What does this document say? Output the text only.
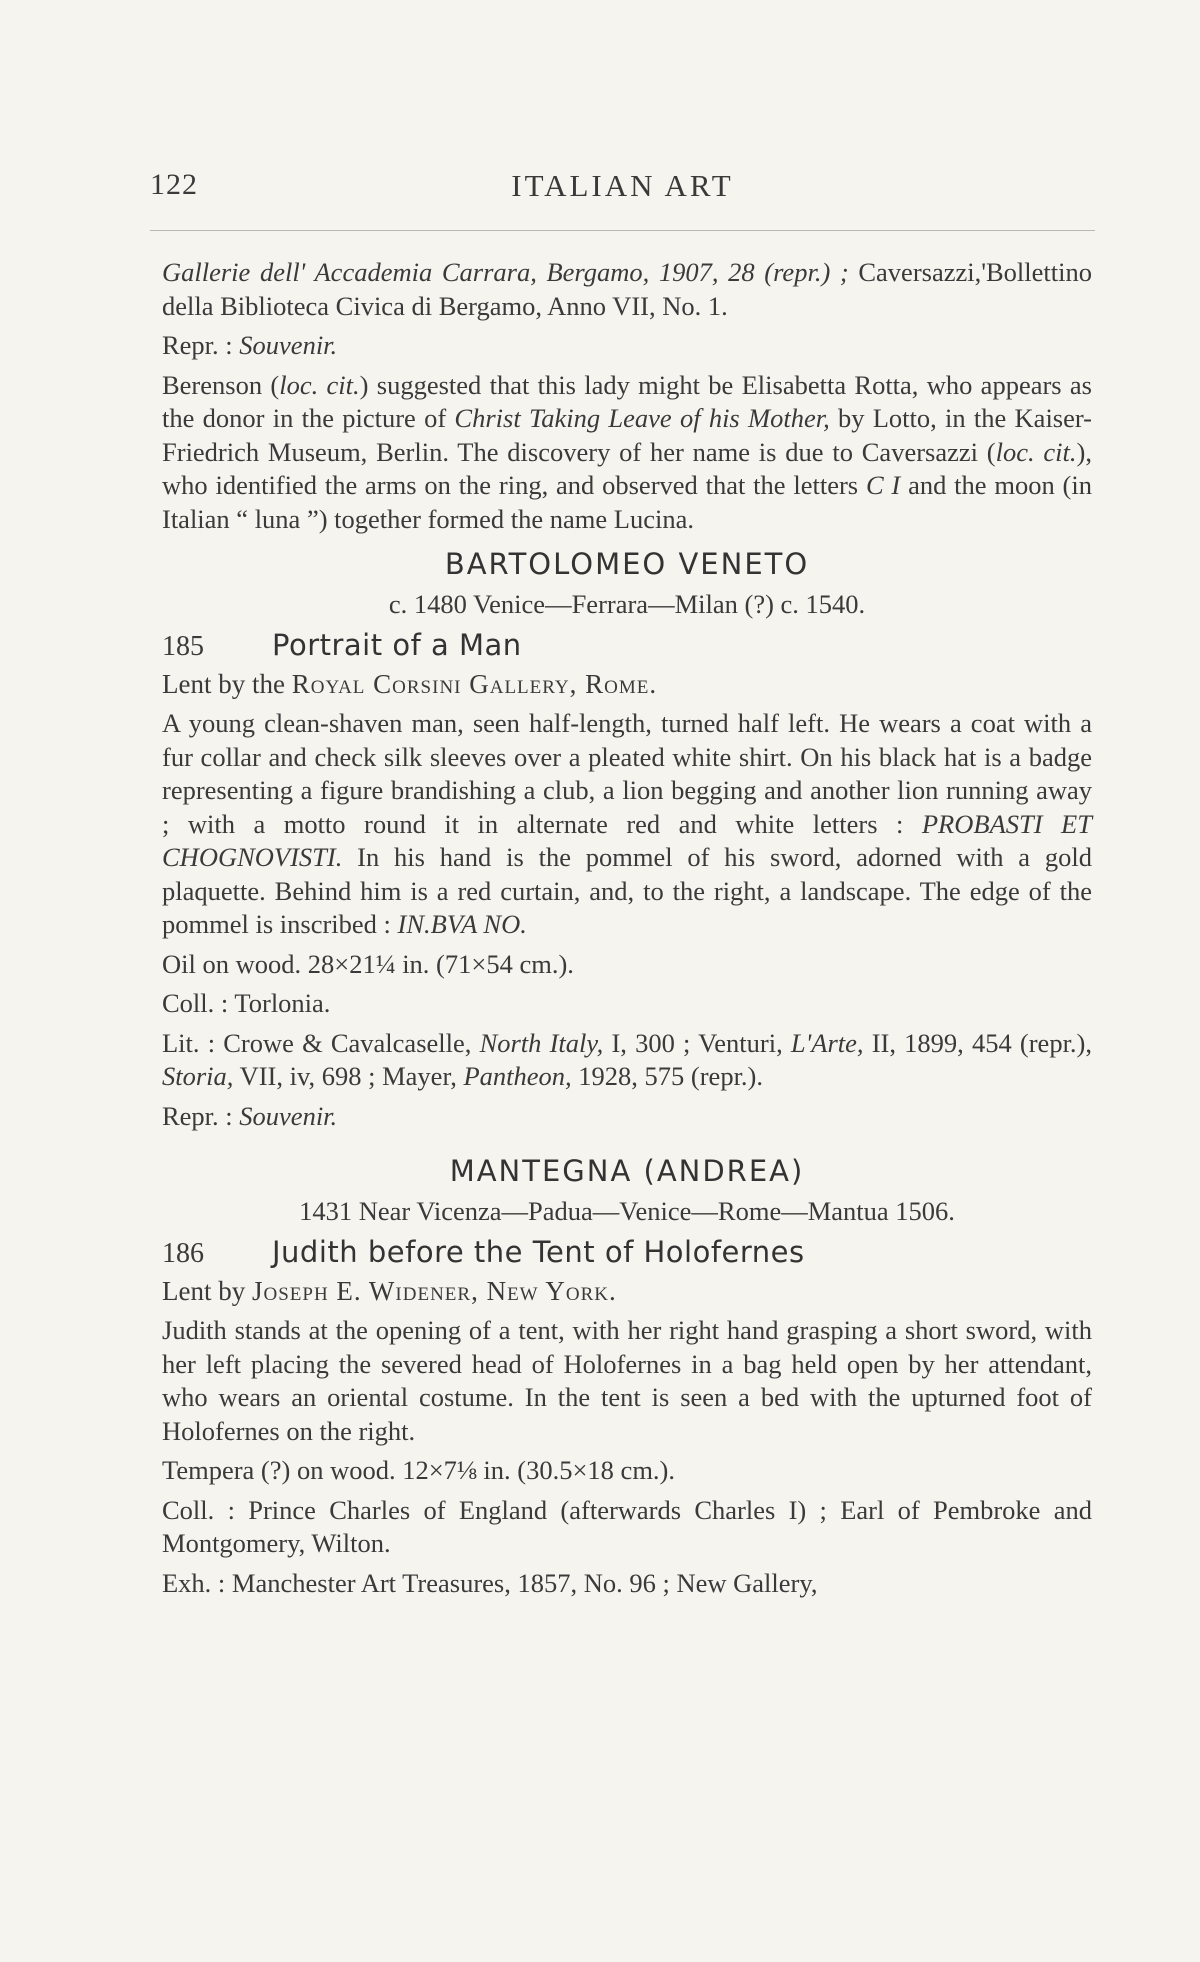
122	ITALIAN ART

Gallerie dell' Accademia Carrara, Bergamo, 1907, 28 (repr.) ; Caversazzi,'Bollettino della Biblioteca Civica di Bergamo, Anno VII, No. 1.

Repr. : Souvenir.

Berenson (loc. cit.) suggested that this lady might be Elisabetta Rotta, who appears as the donor in the picture of Christ Taking Leave of his Mother, by Lotto, in the Kaiser-Friedrich Museum, Berlin. The discovery of her name is due to Caversazzi (loc. cit.), who identified the arms on the ring, and observed that the letters C I and the moon (in Italian “ luna ”) together formed the name Lucina.

BARTOLOMEO VENETO
c. 1480 Venice—Ferrara—Milan (?) c. 1540.
185	Portrait of a Man
Lent by the Royal Corsini Gallery, Rome.

A young clean-shaven man, seen half-length, turned half left. He wears a coat with a fur collar and check silk sleeves over a pleated white shirt. On his black hat is a badge representing a figure brandishing a club, a lion begging and another lion running away ; with a motto round it in alternate red and white letters : PROBASTI ET CHOGNOVISTI. In his hand is the pommel of his sword, adorned with a gold plaquette. Behind him is a red curtain, and, to the right, a landscape. The edge of the pommel is inscribed : IN.BVA NO.

Oil on wood. 28×21¼ in. (71×54 cm.).

Coll. : Torlonia.

Lit. : Crowe & Cavalcaselle, North Italy, I, 300 ; Venturi, L'Arte, II, 1899, 454 (repr.), Storia, VII, iv, 698 ; Mayer, Pantheon, 1928, 575 (repr.).

Repr. : Souvenir.

MANTEGNA (ANDREA)
1431 Near Vicenza—Padua—Venice—Rome—Mantua 1506.
186	Judith before the Tent of Holofernes
Lent by Joseph E. Widener, New York.

Judith stands at the opening of a tent, with her right hand grasping a short sword, with her left placing the severed head of Holofernes in a bag held open by her attendant, who wears an oriental costume. In the tent is seen a bed with the upturned foot of Holofernes on the right.

Tempera (?) on wood. 12×7⅛ in. (30.5×18 cm.).

Coll. : Prince Charles of England (afterwards Charles I) ; Earl of Pembroke and Montgomery, Wilton.

Exh. : Manchester Art Treasures, 1857, No. 96 ; New Gallery,
